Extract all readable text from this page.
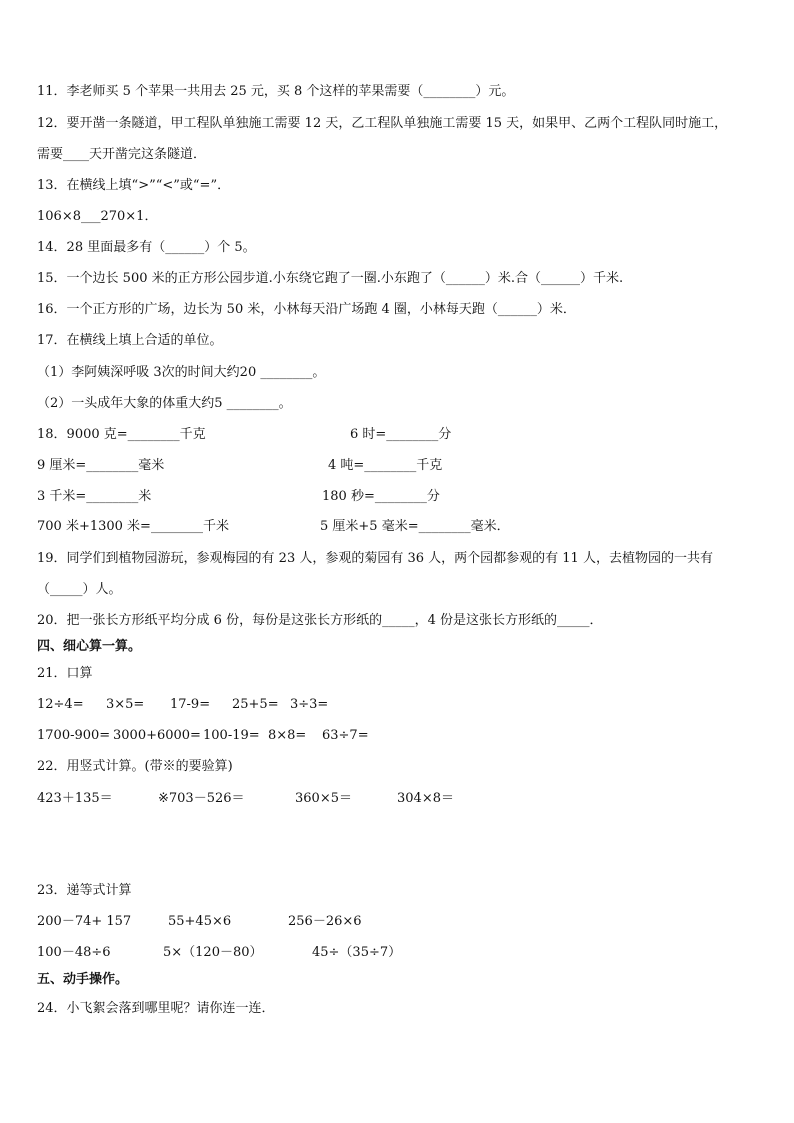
11．李老师买 5 个苹果一共用去 25 元，买 8 个这样的苹果需要（________）元。
12．要开凿一条隧道，甲工程队单独施工需要 12 天，乙工程队单独施工需要 15 天，如果甲、乙两个工程队同时施工，
需要____天开凿完这条隧道．
13．在横线上填“>”“<”或“=”．
106×8___270×1．
14．28 里面最多有（______）个 5。
15．一个边长 500 米的正方形公园步道.小东绕它跑了一圈.小东跑了（______）米.合（______）千米.
16．一个正方形的广场，边长为 50 米，小林每天沿广场跑 4 圈，小林每天跑（______）米．
17．在横线上填上合适的单位。
（1）李阿姨深呼吸 3次的时间大约20 ________。
（2）一头成年大象的体重大约5 ________。
18．9000 克=________千克	6 时=________分
9 厘米=________毫米	4 吨=________千克
3 千米=________米	180 秒=________分
700 米+1300 米=________千米	5 厘米+5 毫米=________毫米．
19．同学们到植物园游玩，参观梅园的有 23 人，参观的菊园有 36 人，两个园都参观的有 11 人，去植物园的一共有
（_____）人。
20．把一张长方形纸平均分成 6 份，每份是这张长方形纸的_____，4 份是这张长方形纸的_____．
四、细心算一算。
21．口算
12÷4= 3×5= 17-9= 25+5= 3÷3=
1700-900= 3000+6000= 100-19= 8×8= 63÷7=
22．用竖式计算。(带※的要验算)
423＋135＝	※703－526＝	360×5＝	304×8＝
23．递等式计算
200－74+ 157	55+45×6	256－26×6
100－48÷6	5×（120－80）	45÷（35÷7）
五、动手操作。
24．小飞絮会落到哪里呢？请你连一连．
